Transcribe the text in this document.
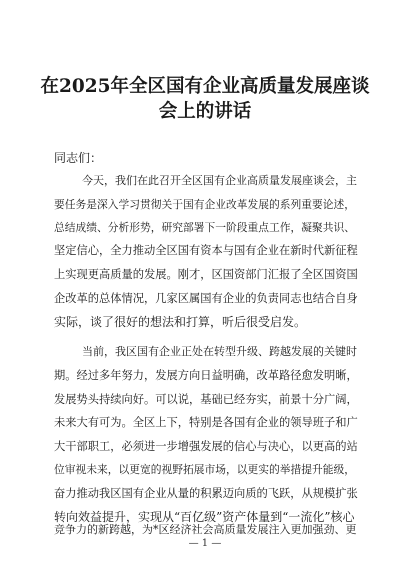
在2025年全区国有企业高质量发展座谈
会上的讲话

同志们：

今天，我们在此召开全区国有企业高质量发展座谈会，主

要任务是深入学习贯彻关于国有企业改革发展的系列重要论述，

总结成绩、分析形势，研究部署下一阶段重点工作，凝聚共识、

坚定信心，全力推动全区国有资本与国有企业在新时代新征程

上实现更高质量的发展。刚才，区国资部门汇报了全区国资国

企改革的总体情况，几家区属国有企业的负责同志也结合自身

实际，谈了很好的想法和打算，听后很受启发。

当前，我区国有企业正处在转型升级、跨越发展的关键时

期。经过多年努力，发展方向日益明确，改革路径愈发明晰，

发展势头持续向好。可以说，基础已经夯实，前景十分广阔，

未来大有可为。全区上下，特别是各国有企业的领导班子和广

大干部职工，必须进一步增强发展的信心与决心，以更高的站

位审视未来，以更宽的视野拓展市场，以更实的举措提升能级，

奋力推动我区国有企业从量的积累迈向质的飞跃，从规模扩张

转向效益提升，实现从“百亿级”资产体量到“一流化”核心

竞争力的新跨越，为*区经济社会高质量发展注入更加强劲、更

— 1 —
